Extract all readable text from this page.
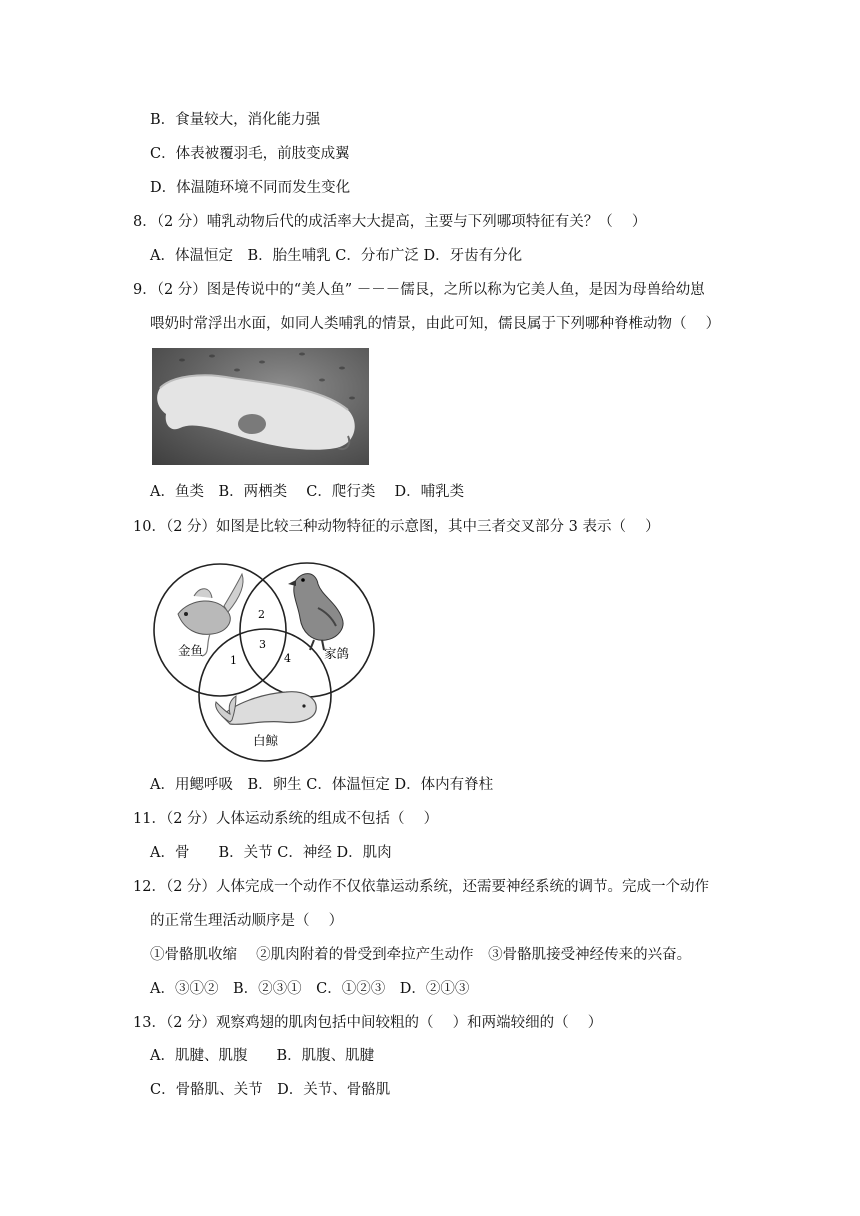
B．食量较大，消化能力强
C．体表被覆羽毛，前肢变成翼
D．体温随环境不同而发生变化
8．（2 分）哺乳动物后代的成活率大大提高，主要与下列哪项特征有关？（　 ）
A．体温恒定　B．胎生哺乳 C．分布广泛 D．牙齿有分化
9．（2 分）图是传说中的“美人鱼” －－－儒艮，之所以称为它美人鱼，是因为母兽给幼崽
喂奶时常浮出水面，如同人类哺乳的情景，由此可知，儒艮属于下列哪种脊椎动物（　 ）
A．鱼类　B．两栖类　 C．爬行类　 D．哺乳类
10．（2 分）如图是比较三种动物特征的示意图，其中三者交叉部分 3 表示（　 ）
金鱼	家鸽
白鲸
1
2
3
4
A．用鳃呼吸　B．卵生 C．体温恒定 D．体内有脊柱
11．（2 分）人体运动系统的组成不包括（　 ）
A．骨　　B．关节 C．神经 D．肌肉
12．（2 分）人体完成一个动作不仅依靠运动系统，还需要神经系统的调节。完成一个动作
的正常生理活动顺序是（　 ）
①骨骼肌收缩　 ②肌肉附着的骨受到牵拉产生动作　③骨骼肌接受神经传来的兴奋。
A．③①②　B．②③①　C．①②③　D．②①③
13．（2 分）观察鸡翅的肌肉包括中间较粗的（　 ）和两端较细的（　 ）
A．肌腱、肌腹　　B．肌腹、肌腱
C．骨骼肌、关节　D．关节、骨骼肌
